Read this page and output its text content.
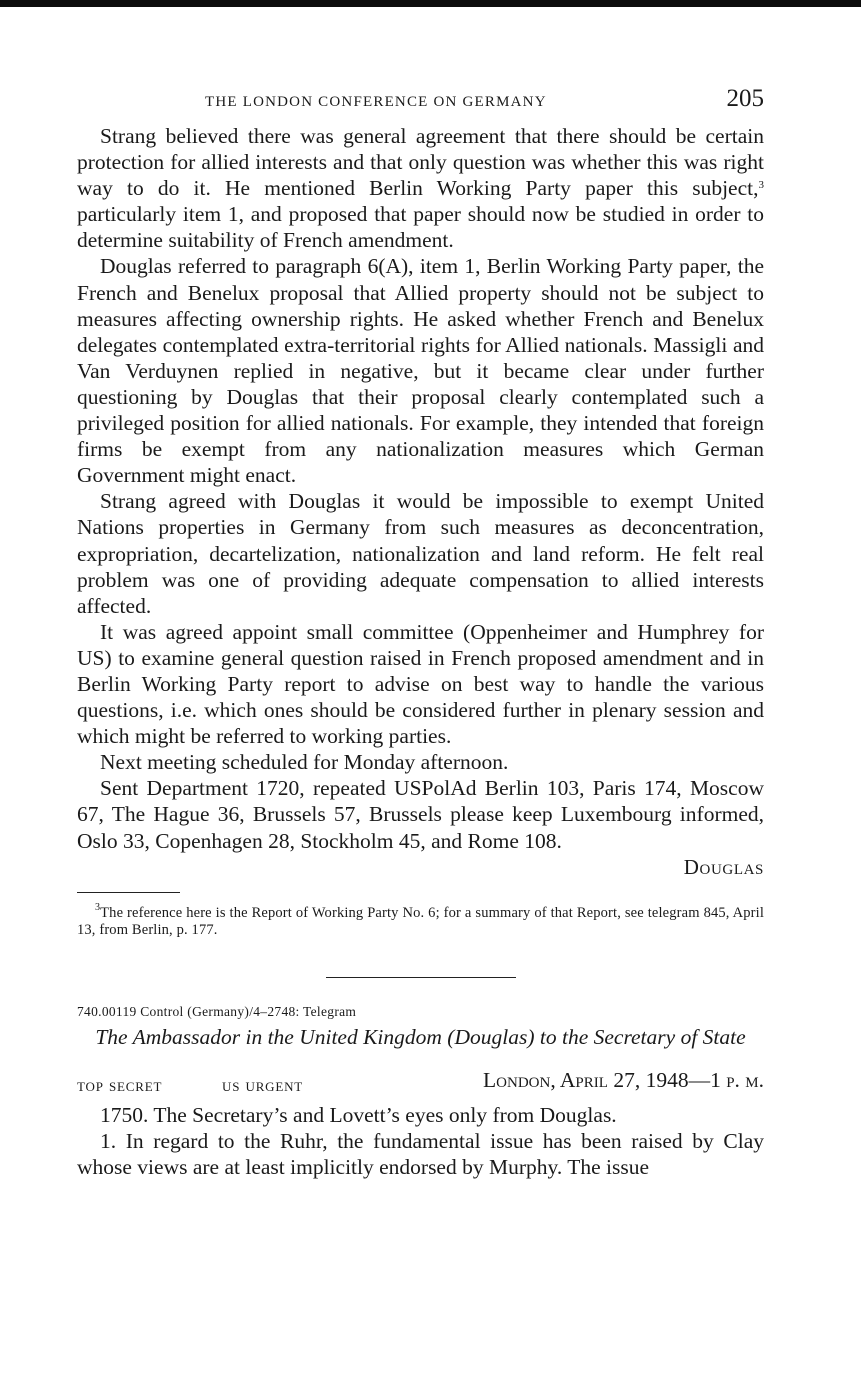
THE LONDON CONFERENCE ON GERMANY	205

Strang believed there was general agreement that there should be certain protection for allied interests and that only question was whether this was right way to do it. He mentioned Berlin Working Party paper this subject,$^3$ particularly item 1, and proposed that paper should now be studied in order to determine suitability of French amendment.

Douglas referred to paragraph 6(A), item 1, Berlin Working Party paper, the French and Benelux proposal that Allied property should not be subject to measures affecting ownership rights. He asked whether French and Benelux delegates contemplated extra-territorial rights for Allied nationals. Massigli and Van Verduynen replied in negative, but it became clear under further questioning by Douglas that their proposal clearly contemplated such a privileged position for allied nationals. For example, they intended that foreign firms be exempt from any nationalization measures which German Government might enact.

Strang agreed with Douglas it would be impossible to exempt United Nations properties in Germany from such measures as deconcentration, expropriation, decartelization, nationalization and land reform. He felt real problem was one of providing adequate compensation to allied interests affected.

It was agreed appoint small committee (Oppenheimer and Humphrey for US) to examine general question raised in French proposed amendment and in Berlin Working Party report to advise on best way to handle the various questions, i.e. which ones should be considered further in plenary session and which might be referred to working parties.

Next meeting scheduled for Monday afternoon.

Sent Department 1720, repeated USPolAd Berlin 103, Paris 174, Moscow 67, The Hague 36, Brussels 57, Brussels please keep Luxembourg informed, Oslo 33, Copenhagen 28, Stockholm 45, and Rome 108.

Douglas
$^3$The reference here is the Report of Working Party No. 6; for a summary of that Report, see telegram 845, April 13, from Berlin, p. 177.
740.00119 Control (Germany)/4–2748: Telegram
The Ambassador in the United Kingdom (Douglas) to the Secretary of State
top secret	us urgent	London, April 27, 1948—1 p. m.

1750. The Secretary’s and Lovett’s eyes only from Douglas.

1. In regard to the Ruhr, the fundamental issue has been raised by Clay whose views are at least implicitly endorsed by Murphy. The issue
